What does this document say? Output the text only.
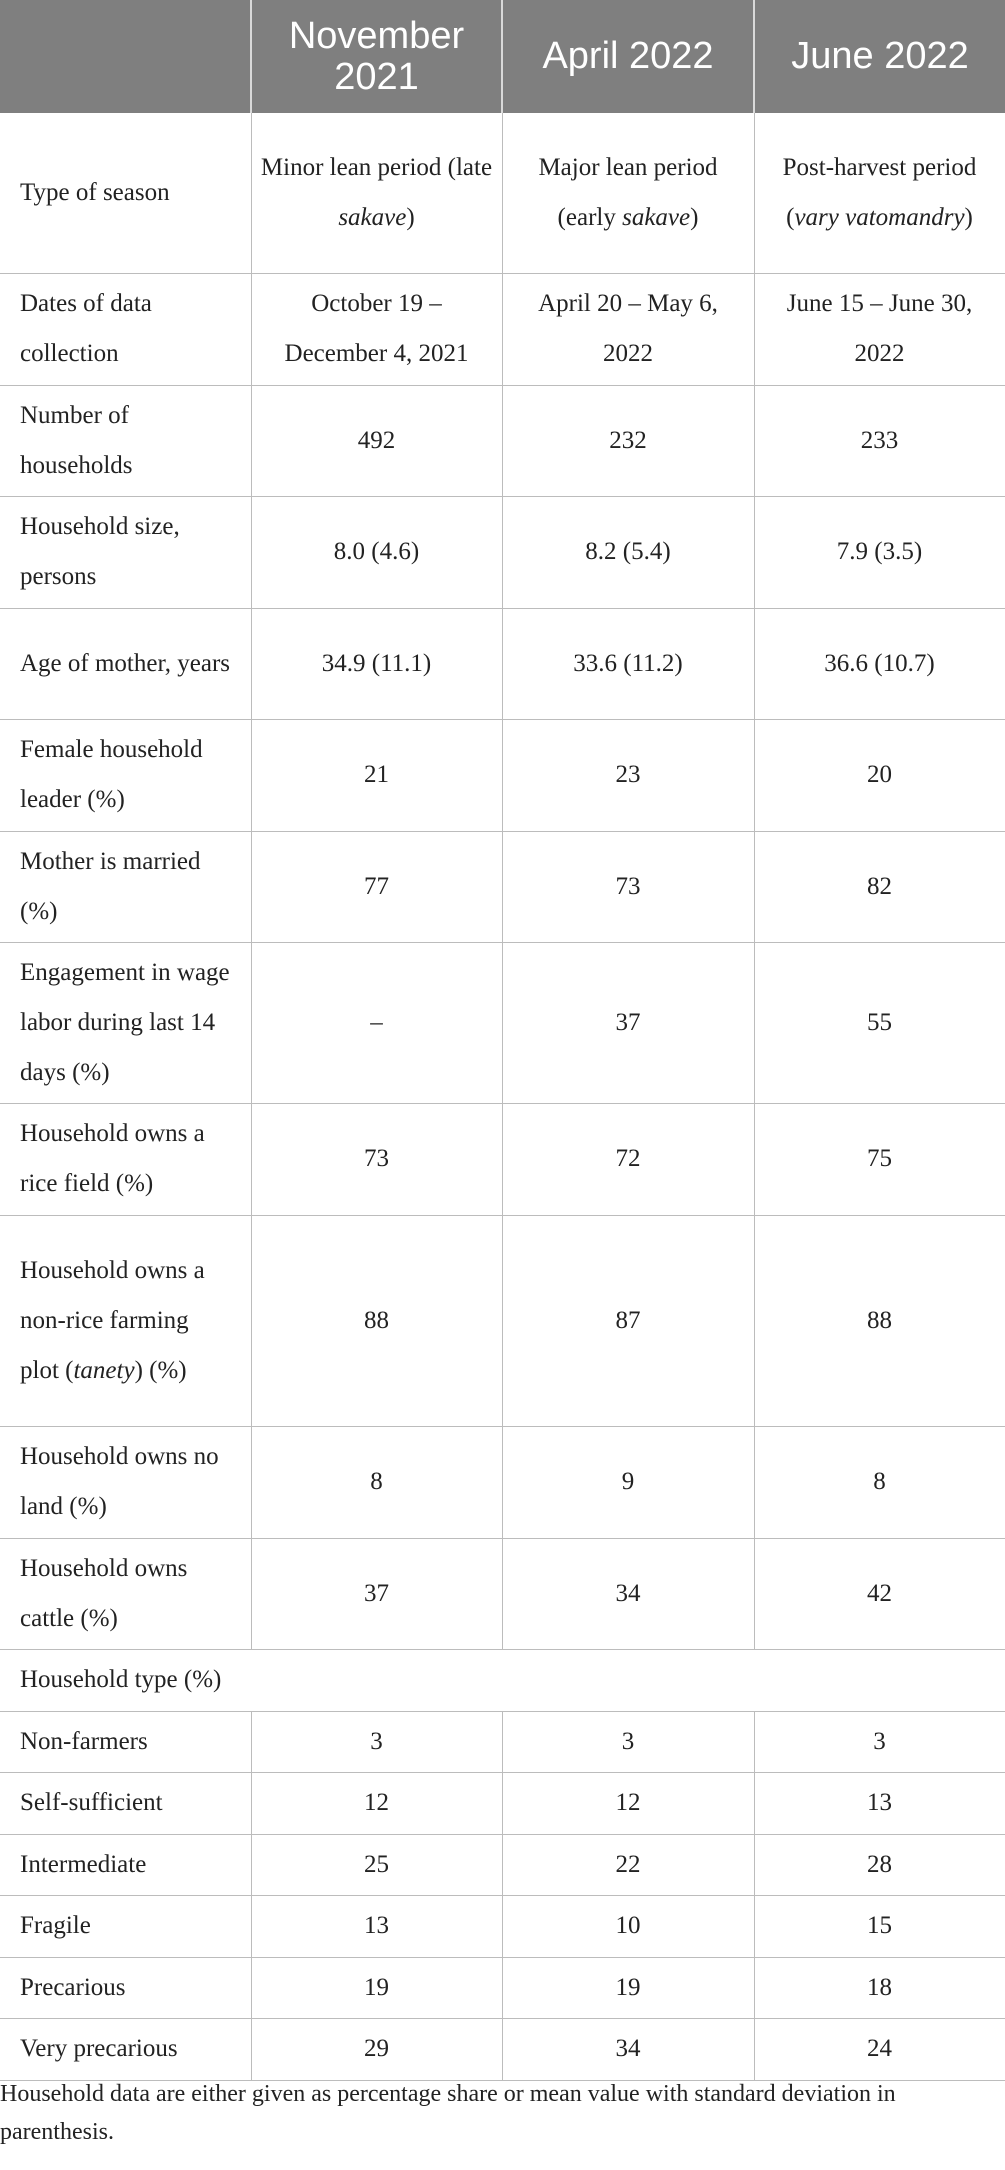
	November 2021	April 2022	June 2022
Type of season	Minor lean period (late sakave)	Major lean period (early sakave)	Post-harvest period (vary vatomandry)
Dates of data collection	October 19 – December 4, 2021	April 20 – May 6, 2022	June 15 – June 30, 2022
Number of households	492	232	233
Household size, persons	8.0 (4.6)	8.2 (5.4)	7.9 (3.5)
Age of mother, years	34.9 (11.1)	33.6 (11.2)	36.6 (10.7)
Female household leader (%)	21	23	20
Mother is married (%)	77	73	82
Engagement in wage labor during last 14 days (%)	–	37	55
Household owns a rice field (%)	73	72	75
Household owns a non-rice farming plot (tanety) (%)	88	87	88
Household owns no land (%)	8	9	8
Household owns cattle (%)	37	34	42
Household type (%)			
Non-farmers	3	3	3
Self-sufficient	12	12	13
Intermediate	25	22	28
Fragile	13	10	15
Precarious	19	19	18
Very precarious	29	34	24
Household data are either given as percentage share or mean value with standard deviation in parenthesis.
